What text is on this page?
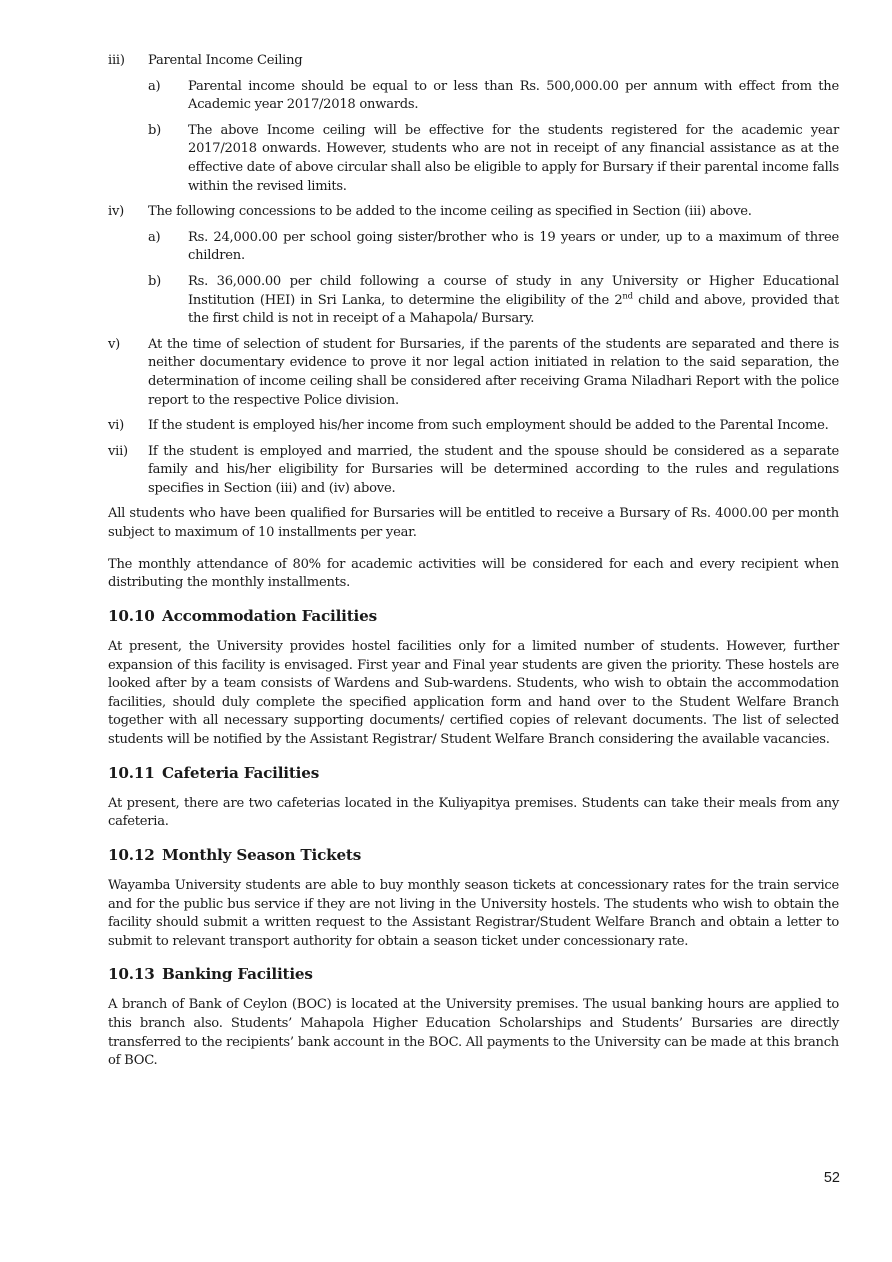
iii)	Parental Income Ceiling
a)	Parental income should be equal to or less than Rs. 500,000.00 per annum with effect from the Academic year 2017/2018 onwards.
b)	The above Income ceiling will be effective for the students registered for the academic year 2017/2018 onwards. However, students who are not in receipt of any financial assistance as at the effective date of above circular shall also be eligible to apply for Bursary if their parental income falls within the revised limits.
iv)	The following concessions to be added to the income ceiling as specified in Section (iii) above.
a)	Rs. 24,000.00 per school going sister/brother who is 19 years or under, up to a maximum of three children.
b)	Rs. 36,000.00 per child following a course of study in any University or Higher Educational Institution (HEI) in Sri Lanka, to determine the eligibility of the 2nd child and above, provided that the first child is not in receipt of a Mahapola/ Bursary.
v)	At the time of selection of student for Bursaries, if the parents of the students are separated and there is neither documentary evidence to prove it nor legal action initiated in relation to the said separation, the determination of income ceiling shall be considered after receiving Grama Niladhari Report with the police report to the respective Police division.
vi)	If the student is employed his/her income from such employment should be added to the Parental Income.
vii)	If the student is employed and married, the student and the spouse should be considered as a separate family and his/her eligibility for Bursaries will be determined according to the rules and regulations specifies in Section (iii) and (iv) above.

All students who have been qualified for Bursaries will be entitled to receive a Bursary of Rs. 4000.00 per month subject to maximum of 10 installments per year.

The monthly attendance of 80% for academic activities will be considered for each and every recipient when distributing the monthly installments.

10.10 Accommodation Facilities

At present, the University provides hostel facilities only for a limited number of students. However, further expansion of this facility is envisaged. First year and Final year students are given the priority. These hostels are looked after by a team consists of Wardens and Sub-wardens. Students, who wish to obtain the accommodation facilities, should duly complete the specified application form and hand over to the Student Welfare Branch together with all necessary supporting documents/ certified copies of relevant documents. The list of selected students will be notified by the Assistant Registrar/ Student Welfare Branch considering the available vacancies.

10.11 Cafeteria Facilities

At present, there are two cafeterias located in the Kuliyapitya premises. Students can take their meals from any cafeteria.

10.12 Monthly Season Tickets

Wayamba University students are able to buy monthly season tickets at concessionary rates for the train service and for the public bus service if they are not living in the University hostels. The students who wish to obtain the facility should submit a written request to the Assistant Registrar/Student Welfare Branch and obtain a letter to submit to relevant transport authority for obtain a season ticket under concessionary rate.

10.13 Banking Facilities

A branch of Bank of Ceylon (BOC) is located at the University premises. The usual banking hours are applied to this branch also. Students’ Mahapola Higher Education Scholarships and Students’ Bursaries are directly transferred to the recipients’ bank account in the BOC. All payments to the University can be made at this branch of BOC.

52
